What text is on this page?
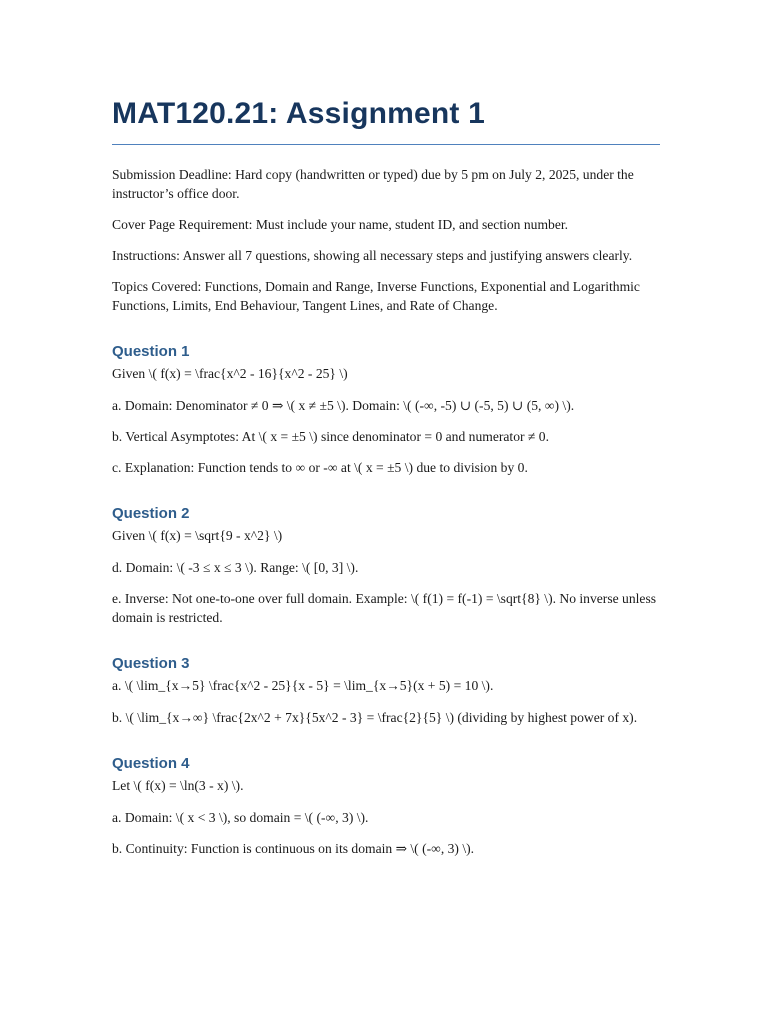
MAT120.21: Assignment 1

Submission Deadline: Hard copy (handwritten or typed) due by 5 pm on July 2, 2025, under the instructor’s office door.

Cover Page Requirement: Must include your name, student ID, and section number.

Instructions: Answer all 7 questions, showing all necessary steps and justifying answers clearly.

Topics Covered: Functions, Domain and Range, Inverse Functions, Exponential and Logarithmic Functions, Limits, End Behaviour, Tangent Lines, and Rate of Change.

Question 1

Given \( f(x) = \frac{x^2 - 16}{x^2 - 25} \)

a. Domain: Denominator ≠ 0 ⇒ \( x ≠ ±5 \). Domain: \( (-∞, -5) ∪ (-5, 5) ∪ (5, ∞) \).

b. Vertical Asymptotes: At \( x = ±5 \) since denominator = 0 and numerator ≠ 0.

c. Explanation: Function tends to ∞ or -∞ at \( x = ±5 \) due to division by 0.

Question 2

Given \( f(x) = \sqrt{9 - x^2} \)

d. Domain: \( -3 ≤ x ≤ 3 \). Range: \( [0, 3] \).

e. Inverse: Not one-to-one over full domain. Example: \( f(1) = f(-1) = \sqrt{8} \). No inverse unless domain is restricted.

Question 3

a. \( \lim_{x→5} \frac{x^2 - 25}{x - 5} = \lim_{x→5}(x + 5) = 10 \).

b. \( \lim_{x→∞} \frac{2x^2 + 7x}{5x^2 - 3} = \frac{2}{5} \) (dividing by highest power of x).

Question 4

Let \( f(x) = \ln(3 - x) \).

a. Domain: \( x < 3 \), so domain = \( (-∞, 3) \).

b. Continuity: Function is continuous on its domain ⇒ \( (-∞, 3) \).
